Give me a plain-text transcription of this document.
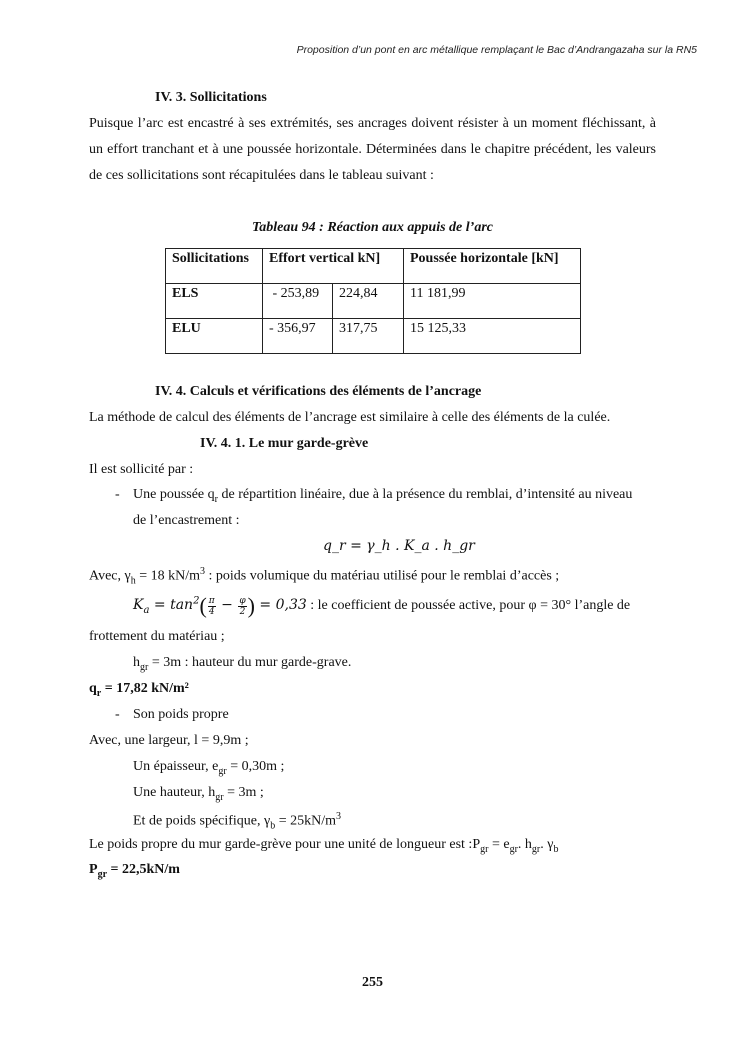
Proposition d’un pont en arc métallique remplaçant le Bac d’Andrangazaha sur la RN5
IV. 3. Sollicitations
Puisque l’arc est encastré à ses extrémités, ses ancrages doivent résister à un moment fléchissant, à un effort tranchant et à une poussée horizontale. Déterminées dans le chapitre précédent, les valeurs de ces sollicitations sont récapitulées dans le tableau suivant :
Tableau 94 : Réaction aux appuis de l’arc
Sollicitations	Effort vertical kN]		Poussée horizontale [kN]
ELS	- 253,89	224,84	11 181,99
ELU	- 356,97	317,75	15 125,33
IV. 4. Calculs et vérifications des éléments de l’ancrage
La méthode de calcul des éléments de l’ancrage est similaire à celle des éléments de la culée.
IV. 4. 1. Le mur garde-grève
Il est sollicité par :
- Une poussée $q_r$ de répartition linéaire, due à la présence du remblai, d’intensité au niveau
de l’encastrement :
q_r = γ_h . K_a . h_gr
Avec, $\gamma_h = 18$ $kN/m^3$ : poids volumique du matériau utilisé pour le remblai d’accès ;
$K_a = \tan^2( \frac{\pi}{4} - \frac{\varphi}{2}$ ) = 0,33 : le coefficient de poussée active, pour φ = 30° l’angle de
frottement du matériau ;
$h_{gr} = 3m$ : hauteur du mur garde-grave.
$q_r = 17,82$ kN/m²
- Son poids propre
Avec, une largeur, l = 9,9m ;
Un épaisseur, $e_{gr} = 0,30m$ ;
Une hauteur, $h_{gr} = 3m$ ;
Et de poids spécifique, $\gamma_b = 25kN/m^3$
Le poids propre du mur garde-grève pour une unité de longueur est $:P_{gr} = e_{gr}$. $h_{gr}$. $\gamma_b$
$P_{gr} = 22,5kN/m$
255
